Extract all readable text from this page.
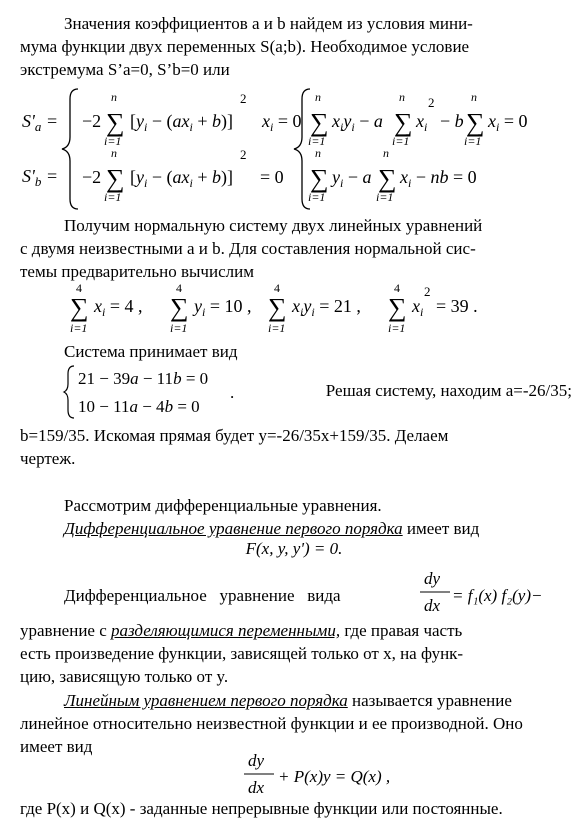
Значения коэффициентов a и b найдем из условия мини-
мума функции двух переменных S(a;b). Необходимое условие
экстремума S’a=0, S’b=0 или
$S'_a$ =
$S'_b$ =
−2 ∑
n
i=1
$[y_i - (ax_i + b)]$
2
$x_i = 0$
−2 ∑
n
i=1
$[y_i - (ax_i + b)]$
2
= 0
∑
n
i=1
$x_iy_i - a$ ∑
n
i=1
$x_i$
2
− b ∑
n
i=1
$x_i = 0$
∑
n
i=1
$y_i - a$ ∑
n
i=1
$x_i$ − nb = 0
Получим нормальную систему двух линейных уравнений
с двумя неизвестными a и b. Для составления нормальной сис-
темы предварительно вычислим
∑
4
i=1
$x_i = 4$ , ∑
4
i=1
$y_i = 10$ , ∑
4
i=1
$x_iy_i = 21$ , ∑
4
i=1
$x_i$
2
= 39 .
Система принимает вид
21 − 39a − 11b = 0
10 − 11a − 4b = 0
.	Решая систему, находим a=-26/35;
b=159/35. Искомая прямая будет y=-26/35x+159/35. Делаем
чертеж.
Рассмотрим дифференциальные уравнения.
Дифференциальное уравнение первого порядка имеет вид
F(x, y, y') = 0.
Дифференциальное   уравнение   вида
dy
dx
= f₁(x) f₂(y)−
уравнение с разделяющимися переменными, где правая часть
есть произведение функции, зависящей только от x, на функ-
цию, зависящую только от y.
Линейным уравнением первого порядка называется уравнение
линейное относительно неизвестной функции и ее производной. Оно
имеет вид
dy
dx
+ P(x)y = Q(x) ,
где P(x) и Q(x) - заданные непрерывные функции или постоянные.
